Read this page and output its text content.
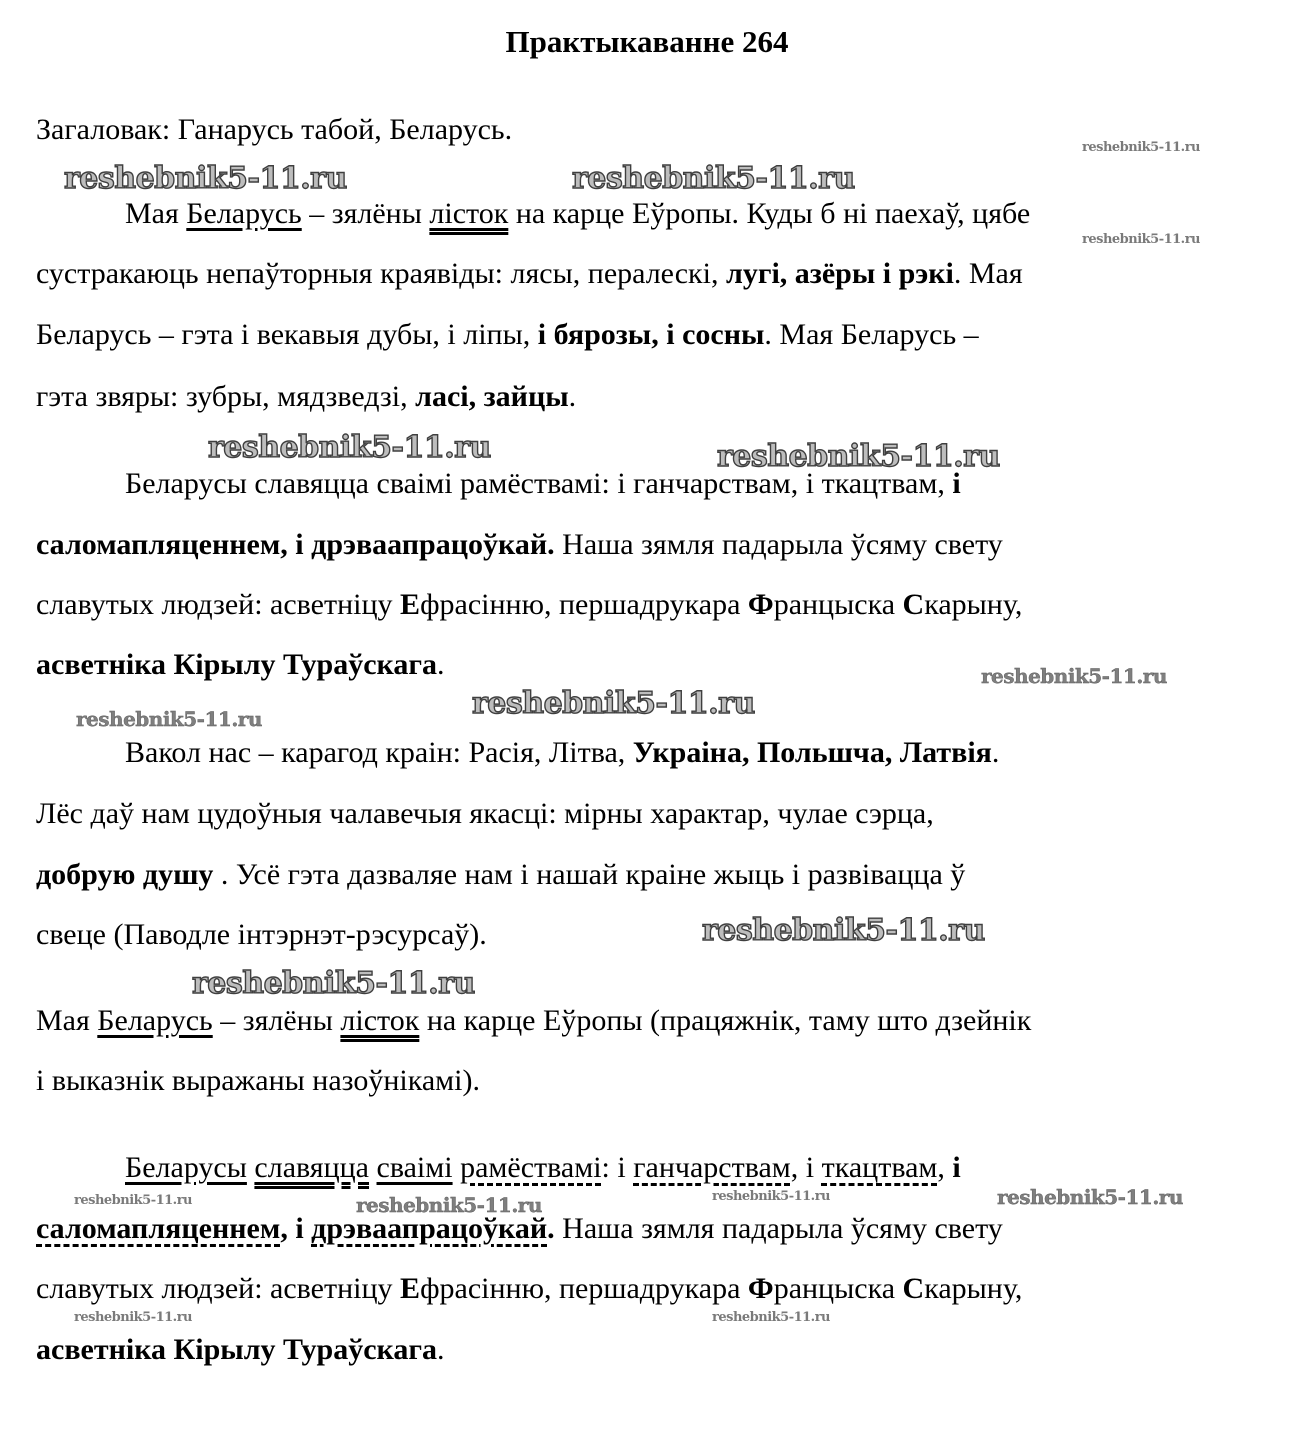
Практыкаванне 264
Загаловак: Ганарусь табой, Беларусь.
Мая Беларусь – зялёны лісток на карце Еўропы. Куды б ні паехаў, цябе
сустракаюць непаўторныя краявіды: лясы, пералескі, лугі, азёры і рэкі. Мая
Беларусь – гэта і векавыя дубы, і ліпы, і бярозы, і сосны. Мая Беларусь –
гэта звяры: зубры, мядзведзі, ласі, зайцы.
Беларусы славяццa сваімі рамёствамі: і ганчарствам, і ткацтвам, і
саломапляценнем, і дрэваапрацоўкай. Наша зямля падарыла ўсяму свету
славутых людзей: асветніцу Ефрасінню, першадрукара Францыска Скарыну,
асветніка Кірылу Тураўскага.
Вакол нас – карагод краін: Расія, Літва, Украіна, Польшча, Латвія.
Лёс даў нам цудоўныя чалавечыя якасці: мірны характар, чулае сэрца,
добрую душу . Усё гэта дазваляе нам і нашай краіне жыць і развівацца ў
свеце (Паводле інтэрнэт-рэсурсаў).
Мая Беларусь – зялёны лісток на карце Еўропы (працяжнік, таму што дзейнік
і выказнік выражаны назоўнікамі).
Беларусы славяцца сваімі рамёствамі: і ганчарствам, і ткацтвам, і
саломапляценнем, і дрэваапрацоўкай. Наша зямля падарыла ўсяму свету
славутых людзей: асветніцу Ефрасінню, першадрукара Францыска Скарыну,
асветніка Кірылу Тураўскага.
reshebnik5-11.ru
reshebnik5-11.ru	reshebnik5-11.ru
reshebnik5-11.ru
reshebnik5-11.ru	reshebnik5-11.ru
reshebnik5-11.ru
reshebnik5-11.ru
reshebnik5-11.ru
reshebnik5-11.ru
reshebnik5-11.ru
reshebnik5-11.ru	reshebnik5-11.ru	reshebnik5-11.ru	reshebnik5-11.ru
reshebnik5-11.ru	reshebnik5-11.ru
